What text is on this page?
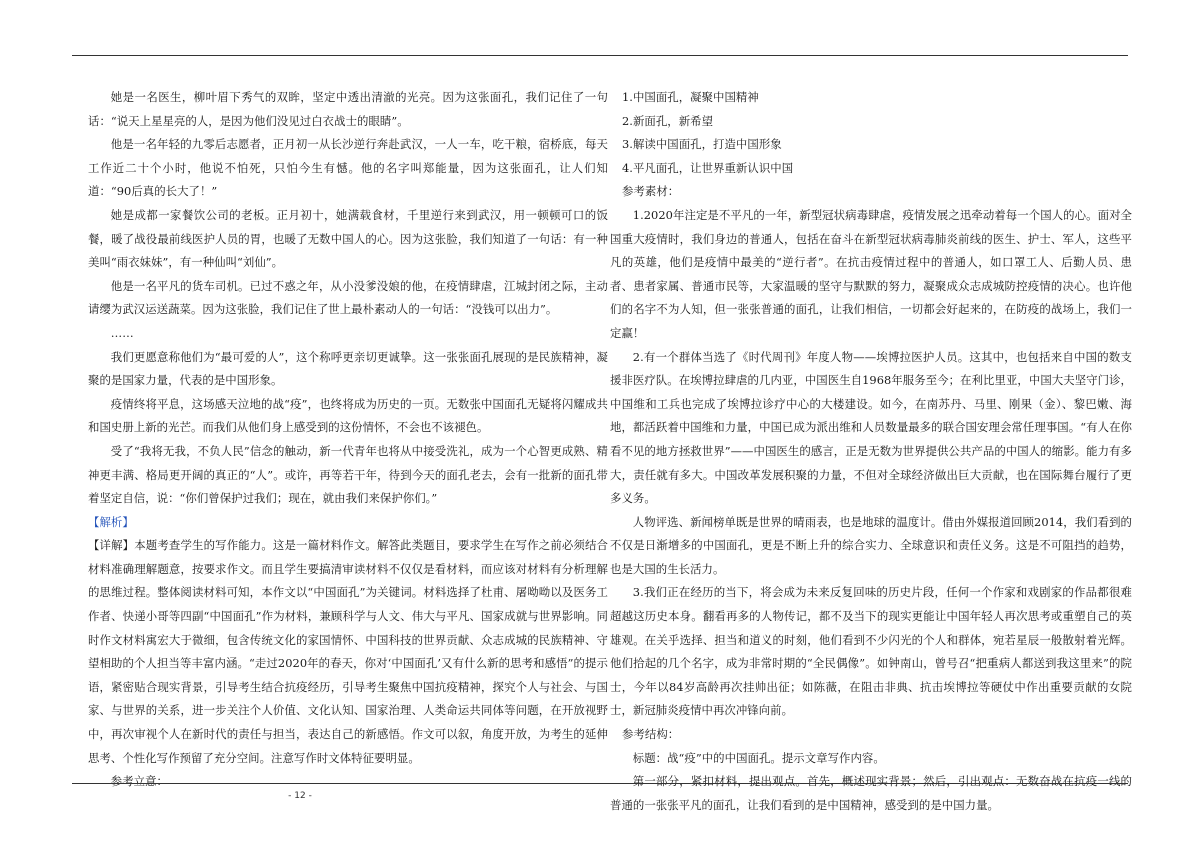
她是一名医生，柳叶眉下秀气的双眸，坚定中透出清澈的光亮。因为这张面孔，我们记住了一句话：“说天上星星亮的人，是因为他们没见过白衣战士的眼睛”。

他是一名年轻的九零后志愿者，正月初一从长沙逆行奔赴武汉，一人一车，吃干粮，宿桥底，每天工作近二十个小时，他说不怕死，只怕今生有憾。他的名字叫郑能量，因为这张面孔，让人们知道：“90后真的长大了！”

她是成都一家餐饮公司的老板。正月初十，她满载食材，千里逆行来到武汉，用一顿顿可口的饭餐，暖了战役最前线医护人员的胃，也暖了无数中国人的心。因为这张脸，我们知道了一句话：有一种美叫“雨衣妹妹”，有一种仙叫“刘仙”。

他是一名平凡的货车司机。已过不惑之年，从小没爹没娘的他，在疫情肆虐，江城封闭之际，主动请缨为武汉运送蔬菜。因为这张脸，我们记住了世上最朴素动人的一句话：“没钱可以出力”。

……

我们更愿意称他们为“最可爱的人”，这个称呼更亲切更诚挚。这一张张面孔展现的是民族精神，凝聚的是国家力量，代表的是中国形象。

疫情终将平息，这场感天泣地的战“疫”，也终将成为历史的一页。无数张中国面孔无疑将闪耀成共和国史册上新的光芒。而我们从他们身上感受到的这份情怀，不会也不该褪色。

受了“我将无我，不负人民”信念的触动，新一代青年也将从中接受洗礼，成为一个心智更成熟、精神更丰满、格局更开阔的真正的“人”。或许，再等若干年，待到今天的面孔老去，会有一批新的面孔带着坚定自信，说：“你们曾保护过我们；现在，就由我们来保护你们。”

【解析】

【详解】本题考查学生的写作能力。这是一篇材料作文。解答此类题目，要求学生在写作之前必须结合材料准确理解题意，按要求作文。而且学生要搞清审读材料不仅仅是看材料，而应该对材料有分析理解的思维过程。整体阅读材料可知，本作文以“中国面孔”为关键词。材料选择了杜甫、屠呦呦以及医务工作者、快递小哥等四副“中国面孔”作为材料，兼顾科学与人文、伟大与平凡、国家成就与世界影响。同时作文材料寓宏大于微细，包含传统文化的家国情怀、中国科技的世界贡献、众志成城的民族精神、守望相助的个人担当等丰富内涵。“走过2020年的春天，你对‘中国面孔’又有什么新的思考和感悟”的提示语，紧密贴合现实背景，引导考生结合抗疫经历，引导考生聚焦中国抗疫精神，探究个人与社会、与国家、与世界的关系，进一步关注个人价值、文化认知、国家治理、人类命运共同体等问题，在开放视野中，再次审视个人在新时代的责任与担当，表达自己的新感悟。作文可以叙，角度开放，为考生的延伸思考、个性化写作预留了充分空间。注意写作时文体特征要明显。

参考立意：

1.中国面孔，凝聚中国精神

2.新面孔，新希望

3.解读中国面孔，打造中国形象

4.平凡面孔，让世界重新认识中国

参考素材：

1.2020年注定是不平凡的一年，新型冠状病毒肆虐，疫情发展之迅牵动着每一个国人的心。面对全国重大疫情时，我们身边的普通人，包括在奋斗在新型冠状病毒肺炎前线的医生、护士、军人，这些平凡的英雄，他们是疫情中最美的“逆行者”。在抗击疫情过程中的普通人，如口罩工人、后勤人员、患者、患者家属、普通市民等，大家温暖的坚守与默默的努力，凝聚成众志成城防控疫情的决心。也许他们的名字不为人知，但一张张普通的面孔，让我们相信，一切都会好起来的，在防疫的战场上，我们一定赢！

2.有一个群体当选了《时代周刊》年度人物——埃博拉医护人员。这其中，也包括来自中国的数支援非医疗队。在埃博拉肆虐的几内亚，中国医生自1968年服务至今；在利比里亚，中国大夫坚守门诊，中国维和工兵也完成了埃博拉诊疗中心的大楼建设。如今，在南苏丹、马里、刚果（金）、黎巴嫩、海地，都活跃着中国维和力量，中国已成为派出维和人员数量最多的联合国安理会常任理事国。“有人在你看不见的地方拯救世界”——中国医生的感言，正是无数为世界提供公共产品的中国人的缩影。能力有多大，责任就有多大。中国改革发展积聚的力量，不但对全球经济做出巨大贡献，也在国际舞台履行了更多义务。

人物评选、新闻榜单既是世界的晴雨表，也是地球的温度计。借由外媒报道回顾2014，我们看到的不仅是日渐增多的中国面孔，更是不断上升的综合实力、全球意识和责任义务。这是不可阻挡的趋势，也是大国的生长活力。

3.我们正在经历的当下，将会成为未来反复回味的历史片段，任何一个作家和戏剧家的作品都很难超越这历史本身。翻看再多的人物传记，都不及当下的现实更能让中国年轻人再次思考或重塑自己的英雄观。在关乎选择、担当和道义的时刻，他们看到不少闪光的个人和群体，宛若星辰一般散射着光辉。他们拾起的几个名字，成为非常时期的“全民偶像”。如钟南山，曾号召“把重病人都送到我这里来”的院士，今年以84岁高龄再次挂帅出征；如陈薇，在阻击非典、抗击埃博拉等硬仗中作出重要贡献的女院士，新冠肺炎疫情中再次冲锋向前。

参考结构：

标题：战“疫”中的中国面孔。提示文章写作内容。

第一部分，紧扣材料，提出观点。首先，概述现实背景；然后，引出观点：无数奋战在抗疫一线的普通的一张张平凡的面孔，让我们看到的是中国精神，感受到的是中国力量。

- 12 -
